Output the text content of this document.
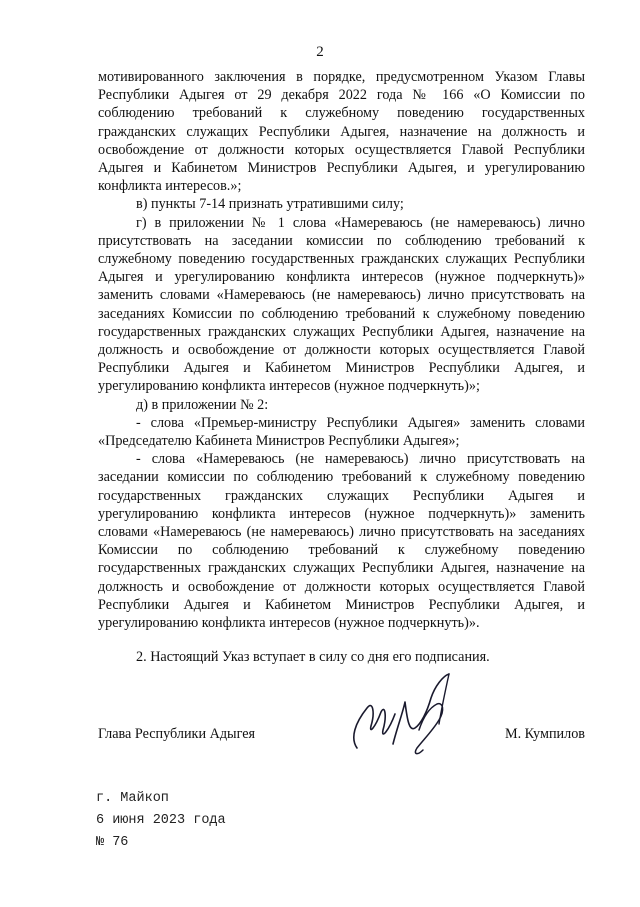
2

мотивированного заключения в порядке, предусмотренном Указом Главы Республики Адыгея от 29 декабря 2022 года № 166 «О Комиссии по соблюдению требований к служебному поведению государственных гражданских служащих Республики Адыгея, назначение на должность и освобождение от должности которых осуществляется Главой Республики Адыгея и Кабинетом Министров Республики Адыгея, и урегулированию конфликта интересов.»;

в) пункты 7-14 признать утратившими силу;

г) в приложении № 1 слова «Намереваюсь (не намереваюсь) лично присутствовать на заседании комиссии по соблюдению требований к служебному поведению государственных гражданских служащих Республики Адыгея и урегулированию конфликта интересов (нужное подчеркнуть)» заменить словами «Намереваюсь (не намереваюсь) лично присутствовать на заседаниях Комиссии по соблюдению требований к служебному поведению государственных гражданских служащих Республики Адыгея, назначение на должность и освобождение от должности которых осуществляется Главой Республики Адыгея и Кабинетом Министров Республики Адыгея, и урегулированию конфликта интересов (нужное подчеркнуть)»;

д) в приложении № 2:

- слова «Премьер-министру Республики Адыгея» заменить словами «Председателю Кабинета Министров Республики Адыгея»;

- слова «Намереваюсь (не намереваюсь) лично присутствовать на заседании комиссии по соблюдению требований к служебному поведению государственных гражданских служащих Республики Адыгея и урегулированию конфликта интересов (нужное подчеркнуть)» заменить словами «Намереваюсь (не намереваюсь) лично присутствовать на заседаниях Комиссии по соблюдению требований к служебному поведению государственных гражданских служащих Республики Адыгея, назначение на должность и освобождение от должности которых осуществляется Главой Республики Адыгея и Кабинетом Министров Республики Адыгея, и урегулированию конфликта интересов (нужное подчеркнуть)».

2. Настоящий Указ вступает в силу со дня его подписания.

Глава Республики Адыгея	М. Кумпилов
г. Майкоп
6 июня 2023 года
№ 76
